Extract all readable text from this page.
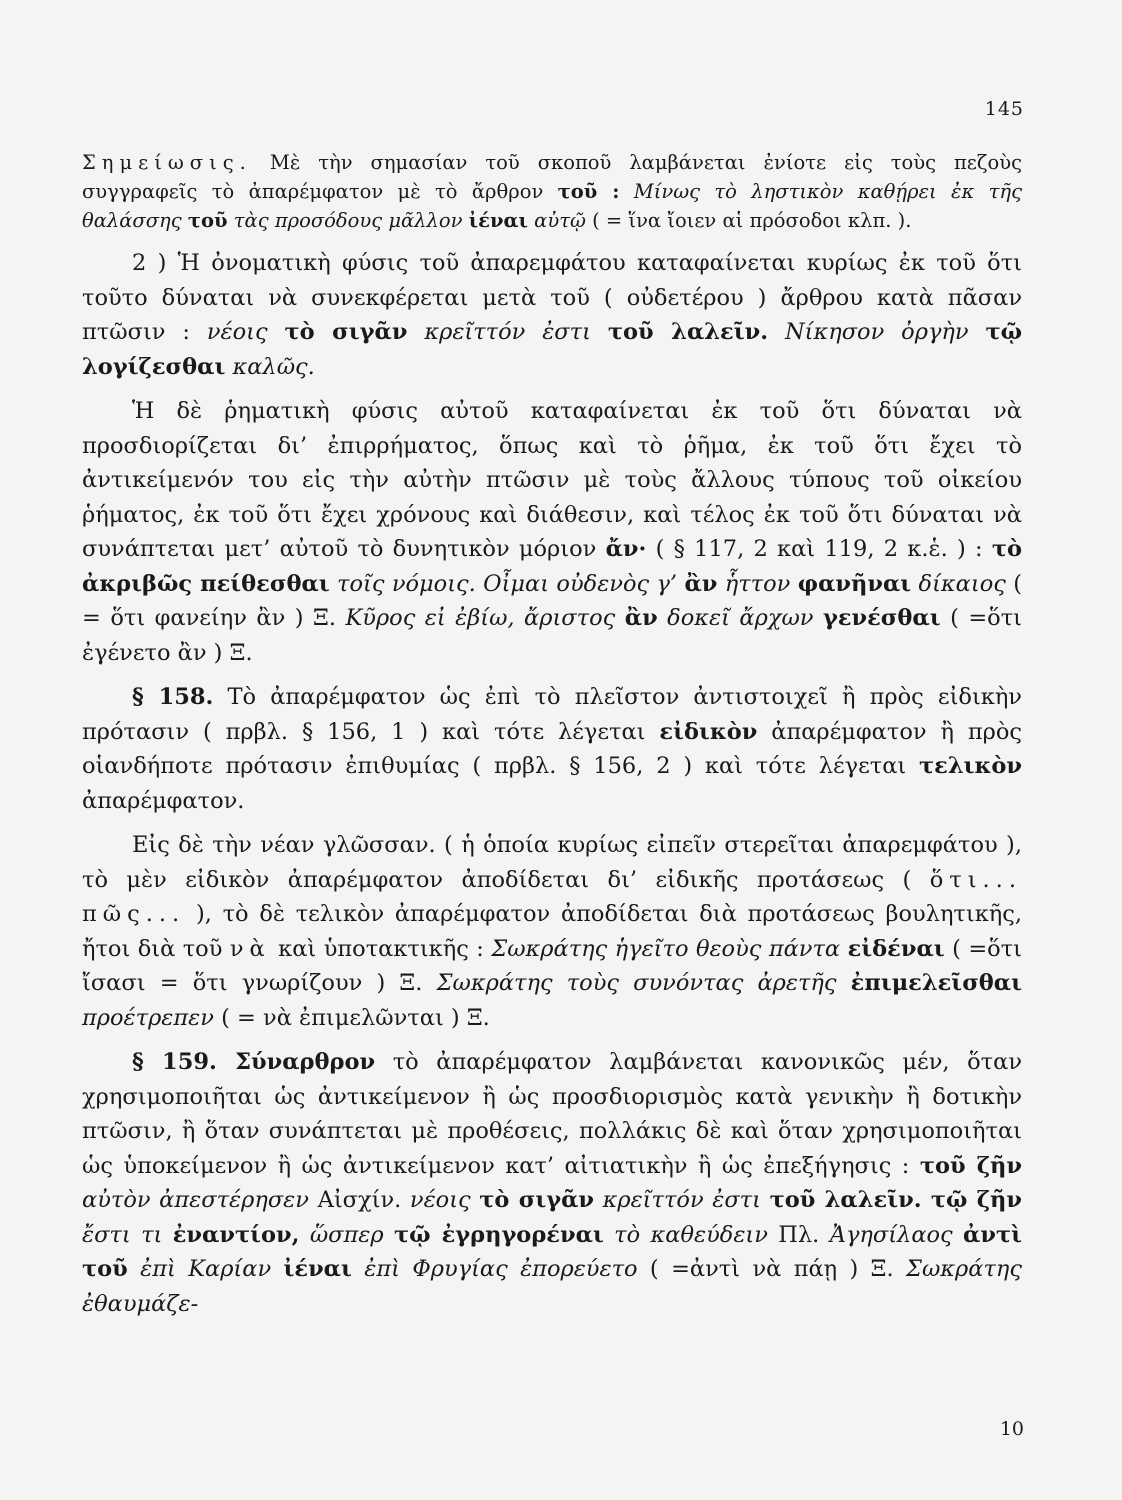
145

Σημείωσις. Μὲ τὴν σημασίαν τοῦ σκοποῦ λαμβάνεται ἐνίοτε εἰς τοὺς πεζοὺς συγγραφεῖς τὸ ἀπαρέμφατον μὲ τὸ ἄρθρον τοῦ : Μίνως τὸ ληστικὸν καθῄρει ἐκ τῆς θαλάσσης τοῦ τὰς προσόδους μᾶλλον ἰέναι αὐτῷ ( = ἵνα ἴοιεν αἱ πρόσοδοι κλπ. ).

2 ) Ἡ ὀνοματικὴ φύσις τοῦ ἀπαρεμφάτου καταφαίνεται κυρίως ἐκ τοῦ ὅτι τοῦτο δύναται νὰ συνεκφέρεται μετὰ τοῦ ( οὐδετέρου ) ἄρθρου κατὰ πᾶσαν πτῶσιν : νέοις τὸ σιγᾶν κρεῖττόν ἐστι τοῦ λαλεῖν. Νίκησον ὀργὴν τῷ λογίζεσθαι καλῶς.

Ἡ δὲ ῥηματικὴ φύσις αὐτοῦ καταφαίνεται ἐκ τοῦ ὅτι δύναται νὰ προσδιορίζεται δι’ ἐπιρρήματος, ὅπως καὶ τὸ ῥῆμα, ἐκ τοῦ ὅτι ἔχει τὸ ἀντικείμενόν του εἰς τὴν αὐτὴν πτῶσιν μὲ τοὺς ἄλλους τύπους τοῦ οἰκείου ῥήματος, ἐκ τοῦ ὅτι ἔχει χρόνους καὶ διάθεσιν, καὶ τέλος ἐκ τοῦ ὅτι δύναται νὰ συνάπτεται μετ’ αὐτοῦ τὸ δυνητικὸν μόριον ἄν· ( § 117, 2 καὶ 119, 2 κ.ἑ. ) : τὸ ἀκριβῶς πείθεσθαι τοῖς νόμοις. Οἶμαι οὐδενὸς γ’ ἂν ἧττον φανῆναι δίκαιος ( = ὅτι φανείην ἂν ) Ξ. Κῦρος εἰ ἐβίω, ἄριστος ἂν δοκεῖ ἄρχων γενέσθαι ( =ὅτι ἐγένετο ἂν ) Ξ.

§ 158. Τὸ ἀπαρέμφατον ὡς ἐπὶ τὸ πλεῖστον ἀντιστοιχεῖ ἢ πρὸς εἰδικὴν πρότασιν ( πρβλ. § 156, 1 ) καὶ τότε λέγεται εἰδικὸν ἀπαρέμφατον ἢ πρὸς οἱανδήποτε πρότασιν ἐπιθυμίας ( πρβλ. § 156, 2 ) καὶ τότε λέγεται τελικὸν ἀπαρέμφατον.

Εἰς δὲ τὴν νέαν γλῶσσαν. ( ἡ ὁποία κυρίως εἰπεῖν στερεῖται ἀπαρεμφάτου ), τὸ μὲν εἰδικὸν ἀπαρέμφατον ἀποδίδεται δι’ εἰδικῆς προτάσεως ( ὅτι... πῶς... ), τὸ δὲ τελικὸν ἀπαρέμφατον ἀποδίδεται διὰ προτάσεως βουλητικῆς, ἤτοι διὰ τοῦ νὰ καὶ ὑποτακτικῆς : Σωκράτης ἡγεῖτο θεοὺς πάντα εἰδέναι ( =ὅτι ἴσασι = ὅτι γνωρίζουν ) Ξ. Σωκράτης τοὺς συνόντας ἀρετῆς ἐπιμελεῖσθαι προέτρεπεν ( = νὰ ἐπιμελῶνται ) Ξ.

§ 159. Σύναρθρον τὸ ἀπαρέμφατον λαμβάνεται κανονικῶς μέν, ὅταν χρησιμοποιῆται ὡς ἀντικείμενον ἢ ὡς προσδιορισμὸς κατὰ γενικὴν ἢ δοτικὴν πτῶσιν, ἢ ὅταν συνάπτεται μὲ προθέσεις, πολλάκις δὲ καὶ ὅταν χρησιμοποιῆται ὡς ὑποκείμενον ἢ ὡς ἀντικείμενον κατ’ αἰτιατικὴν ἢ ὡς ἐπεξήγησις : τοῦ ζῆν αὐτὸν ἀπεστέρησεν Αἰσχίν. νέοις τὸ σιγᾶν κρεῖττόν ἐστι τοῦ λαλεῖν. τῷ ζῆν ἔστι τι ἐναντίον, ὥσπερ τῷ ἐγρηγορέναι τὸ καθεύδειν Πλ. Ἀγησίλαος ἀντὶ τοῦ ἐπὶ Καρίαν ἰέναι ἐπὶ Φρυγίας ἐπορεύετο ( =ἀντὶ νὰ πάῃ ) Ξ. Σωκράτης ἐθαυμάζε-

10
